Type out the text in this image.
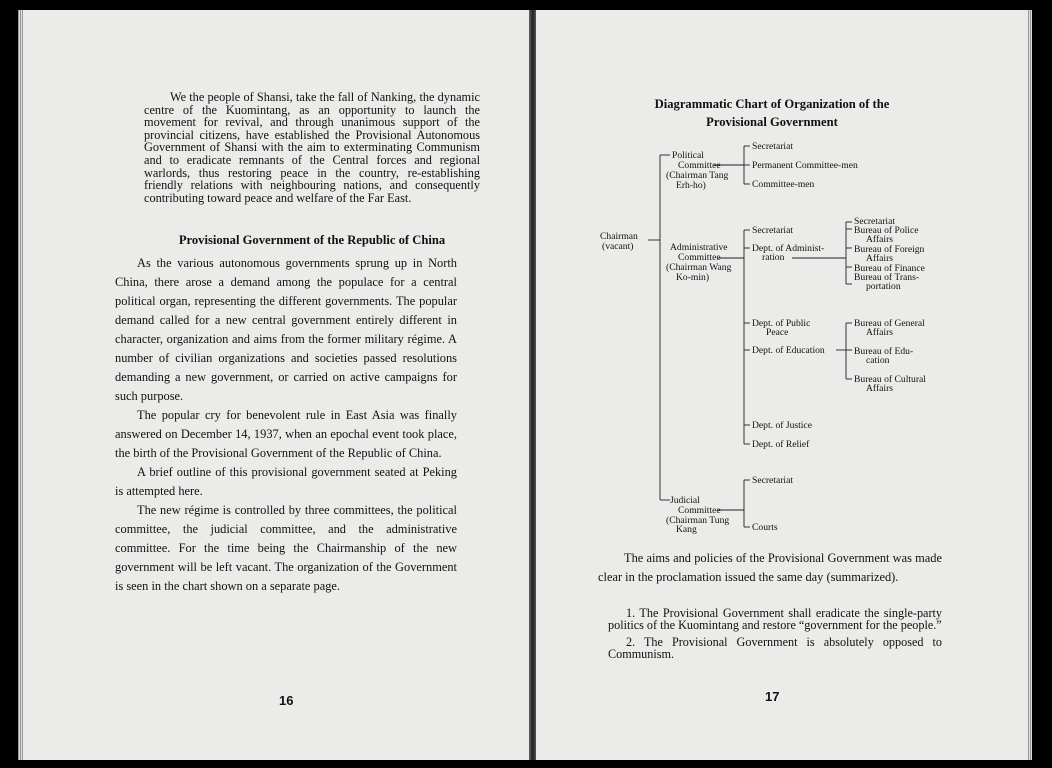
We the people of Shansi, take the fall of Nanking, the dynamic centre of the Kuomintang, as an opportunity to launch the movement for revival, and through unanimous support of the provincial citizens, have established the Provisional Autonomous Government of Shansi with the aim to exterminating Communism and to eradicate remnants of the Central forces and regional warlords, thus restoring peace in the country, re-establishing friendly relations with neighbouring nations, and consequently contributing toward peace and welfare of the Far East.
Provisional Government of the Republic of China

As the various autonomous governments sprung up in North China, there arose a demand among the populace for a central political organ, representing the different governments. The popular demand called for a new central government entirely different in character, organization and aims from the former military régime. A number of civilian organizations and societies passed resolutions demanding a new government, or carried on active campaigns for such purpose.

The popular cry for benevolent rule in East Asia was finally answered on December 14, 1937, when an epochal event took place, the birth of the Provisional Government of the Republic of China.

A brief outline of this provisional government seated at Peking is attempted here.

The new régime is controlled by three committees, the political committee, the judicial committee, and the administrative committee. For the time being the Chairmanship of the new government will be left vacant. The organization of the Government is seen in the chart shown on a separate page.

16
Diagrammatic Chart of Organization of the
Provisional Government
Chairman
(vacant)
Political
Committee
(Chairman Tang
Erh-ho)
Secretariat
Permanent Committee-men
Committee-men
Administrative
Committee
(Chairman Wang
Ko-min)
Secretariat
Dept. of Administ-
ration
Secretariat
Bureau of Police
Affairs
Bureau of Foreign
Affairs
Bureau of Finance
Bureau of Trans-
portation
Dept. of Public
Peace
Dept. of Education
Bureau of General
Affairs
Bureau of Edu-
cation
Bureau of Cultural
Affairs
Dept. of Justice
Dept. of Relief
Judicial
Committee
(Chairman Tung
Kang
Secretariat
Courts

The aims and policies of the Provisional Government was made clear in the proclamation issued the same day (summarized).

1. The Provisional Government shall eradicate the single-party politics of the Kuomintang and restore “government for the people.”

2. The Provisional Government is absolutely opposed to Communism.

17
